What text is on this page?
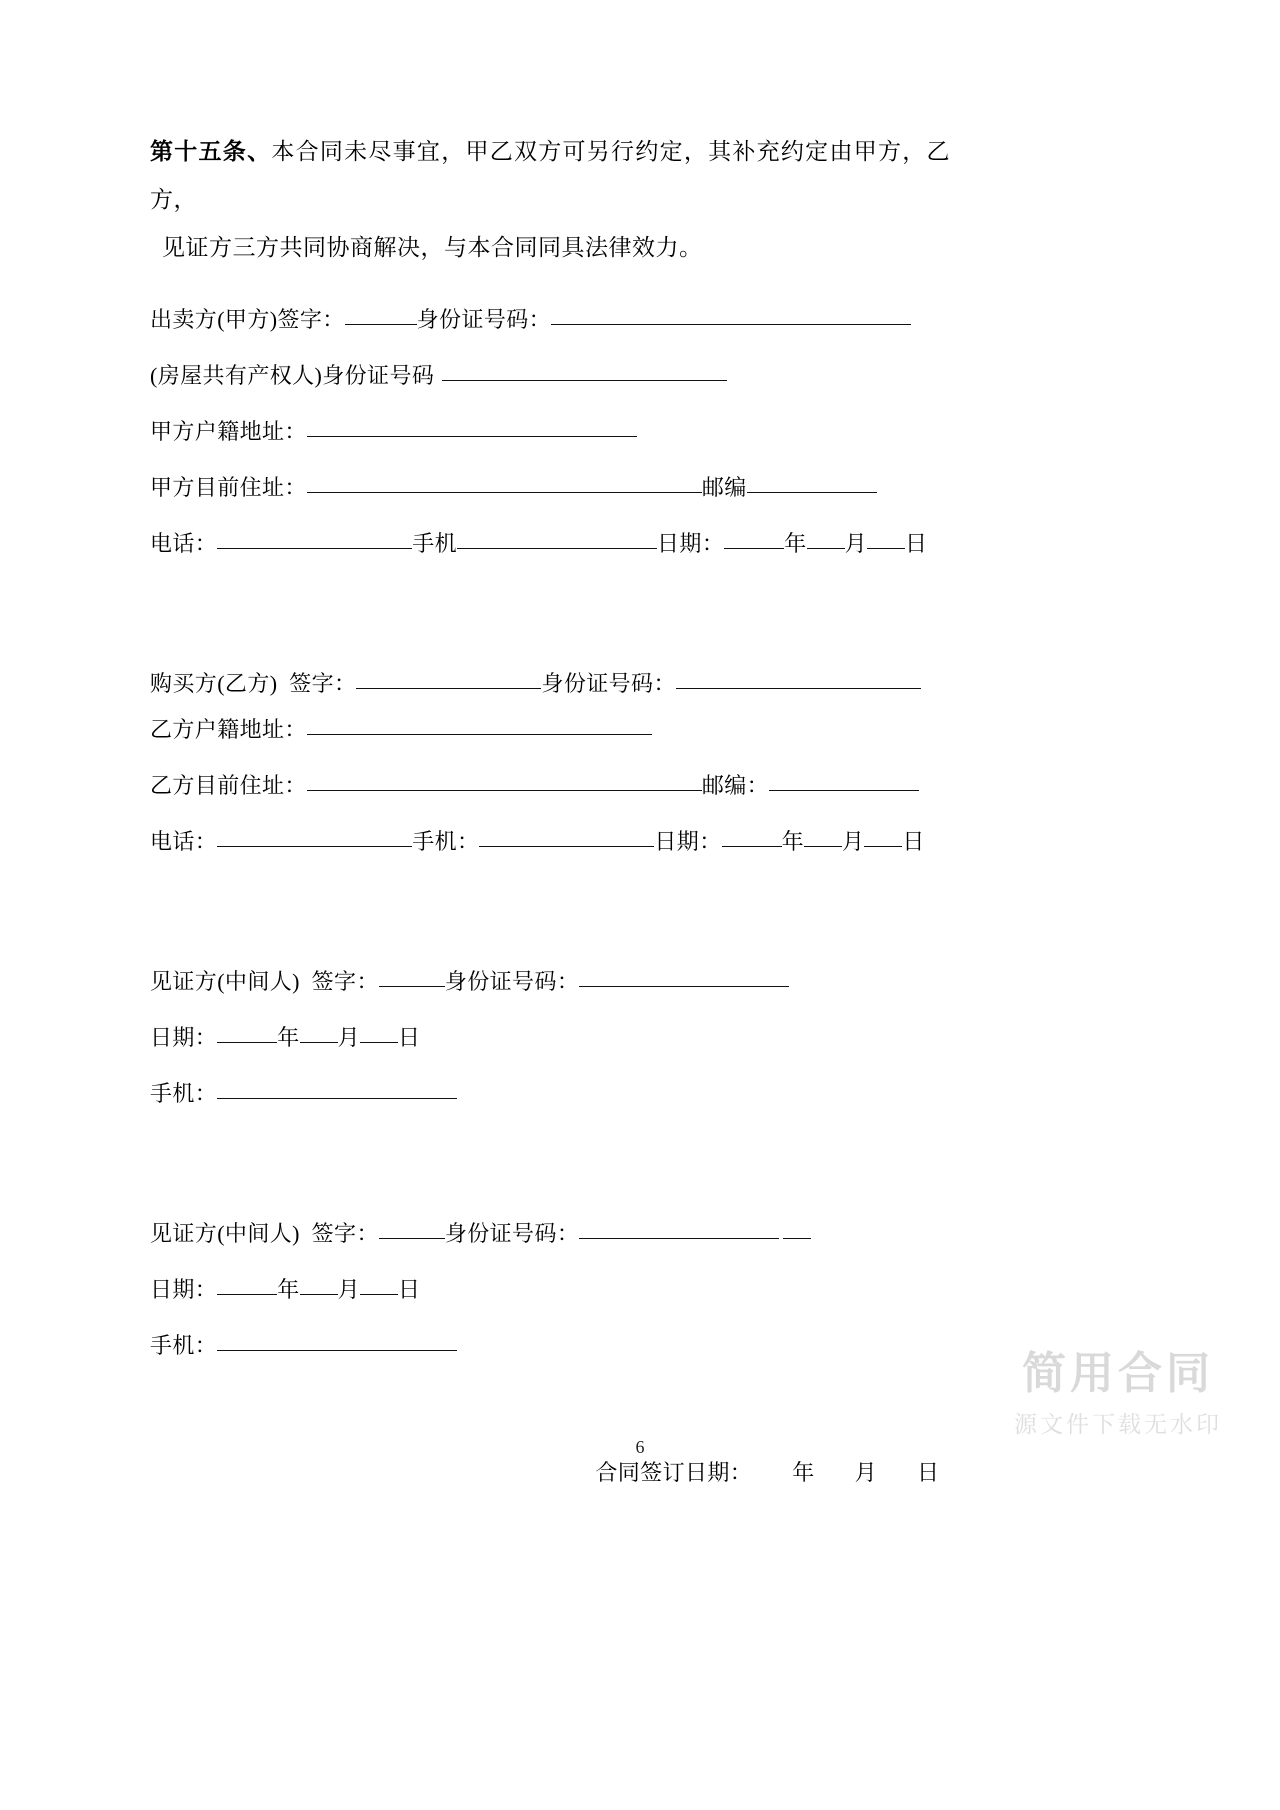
第十五条、本合同未尽事宜，甲乙双方可另行约定，其补充约定由甲方，乙方，
见证方三方共同协商解决，与本合同同具法律效力。

出卖方(甲方)签字：	身份证号码：
(房屋共有产权人)身份证号码
甲方户籍地址：
甲方目前住址：	邮编
电话：	手机	日期：	年 月 日
购买方(乙方)  签字：	身份证号码：
乙方户籍地址：
乙方目前住址：	邮编：
电话：	手机：	日期：	年 月 日
见证方(中间人)  签字：	身份证号码：
日期：	年 月 日
手机：
见证方(中间人)  签字：	身份证号码：
日期：	年 月 日
手机：

合同签订日期： 年 月 日

简用合同
源文件下载无水印
6
